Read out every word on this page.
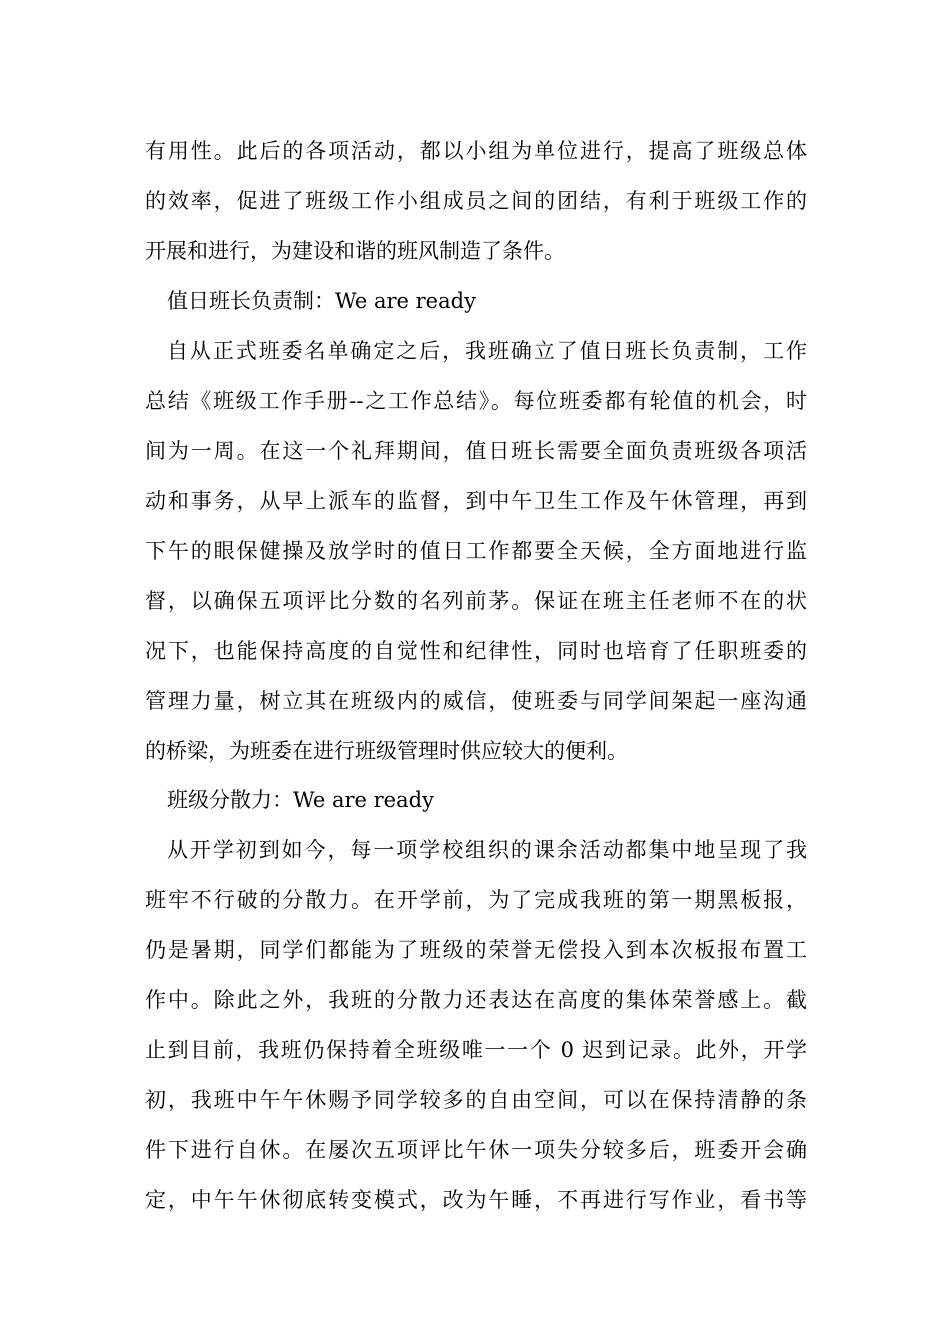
有用性。此后的各项活动，都以小组为单位进行，提高了班级总体
的效率，促进了班级工作小组成员之间的团结，有利于班级工作的
开展和进行，为建设和谐的班风制造了条件。
值日班长负责制：We are ready
自从正式班委名单确定之后，我班确立了值日班长负责制，工作
总结《班级工作手册--之工作总结》。每位班委都有轮值的机会，时
间为一周。在这一个礼拜期间，值日班长需要全面负责班级各项活
动和事务，从早上派车的监督，到中午卫生工作及午休管理，再到
下午的眼保健操及放学时的值日工作都要全天候，全方面地进行监
督，以确保五项评比分数的名列前茅。保证在班主任老师不在的状
况下，也能保持高度的自觉性和纪律性，同时也培育了任职班委的
管理力量，树立其在班级内的威信，使班委与同学间架起一座沟通
的桥梁，为班委在进行班级管理时供应较大的便利。
班级分散力：We are ready
从开学初到如今，每一项学校组织的课余活动都集中地呈现了我
班牢不行破的分散力。在开学前，为了完成我班的第一期黑板报，
仍是暑期，同学们都能为了班级的荣誉无偿投入到本次板报布置工
作中。除此之外，我班的分散力还表达在高度的集体荣誉感上。截
止到目前，我班仍保持着全班级唯一一个 0 迟到记录。此外，开学
初，我班中午午休赐予同学较多的自由空间，可以在保持清静的条
件下进行自休。在屡次五项评比午休一项失分较多后，班委开会确
定，中午午休彻底转变模式，改为午睡，不再进行写作业，看书等
